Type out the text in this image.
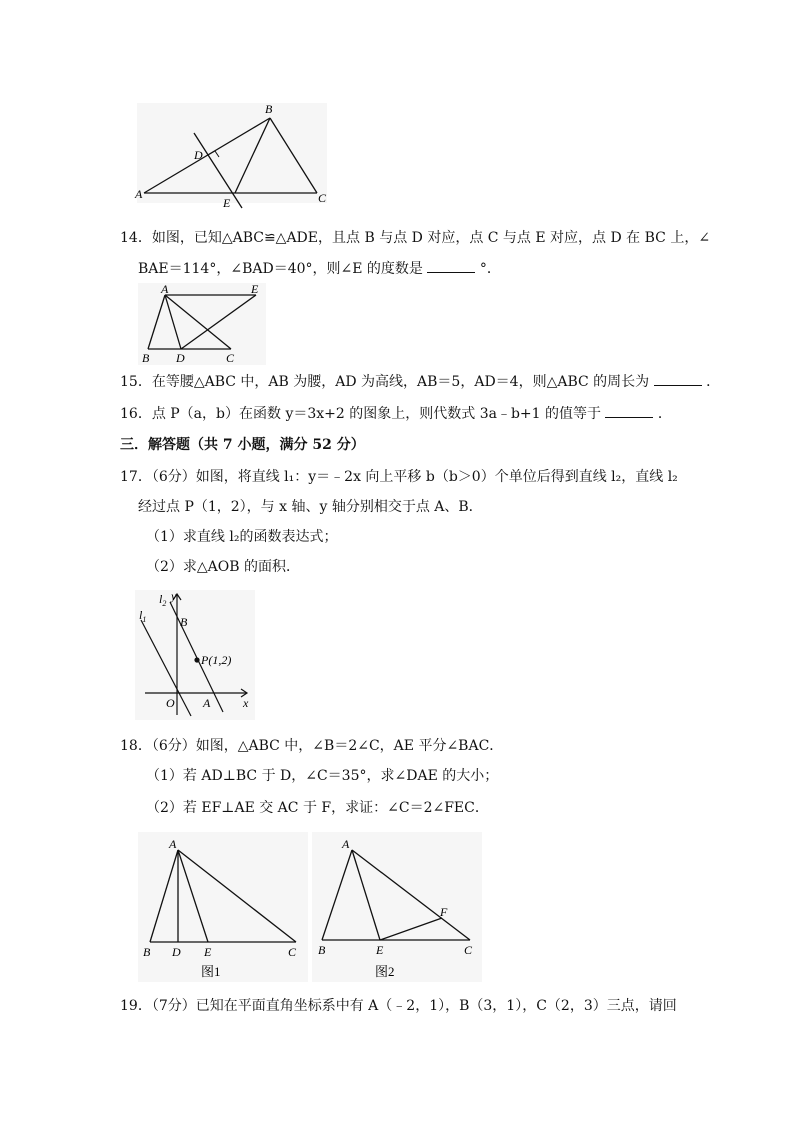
A
B
C
D
E
14．如图，已知△ABC≌△ADE，且点 B 与点 D 对应，点 C 与点 E 对应，点 D 在 BC 上，∠
BAE＝114°，∠BAD＝40°，则∠E 的度数是	°．
A	E
B D	C
15．在等腰△ABC 中，AB 为腰，AD 为高线，AB＝5，AD＝4，则△ABC 的周长为	．
16．点 P（a，b）在函数 y＝3x+2 的图象上，则代数式 3a﹣b+1 的值等于	．
三．解答题（共 7 小题，满分 52 分）
17．（6分）如图，将直线 l₁：y＝﹣2x 向上平移 b（b＞0）个单位后得到直线 l₂，直线 l₂
经过点 P（1，2），与 x 轴、y 轴分别相交于点 A、B．
（1）求直线 l₂的函数表达式；
（2）求△AOB 的面积．
$l_1$
$l_2$
y
x
B
P(1,2)
O A
18．（6分）如图，△ABC 中，∠B＝2∠C，AE 平分∠BAC．
（1）若 AD⊥BC 于 D，∠C＝35°，求∠DAE 的大小；
（2）若 EF⊥AE 交 AC 于 F，求证：∠C＝2∠FEC．
A
B D E	C
图1
A
B	E
F
C
图2
19．（7分）已知在平面直角坐标系中有 A（﹣2，1），B（3，1），C（2，3）三点，请回
